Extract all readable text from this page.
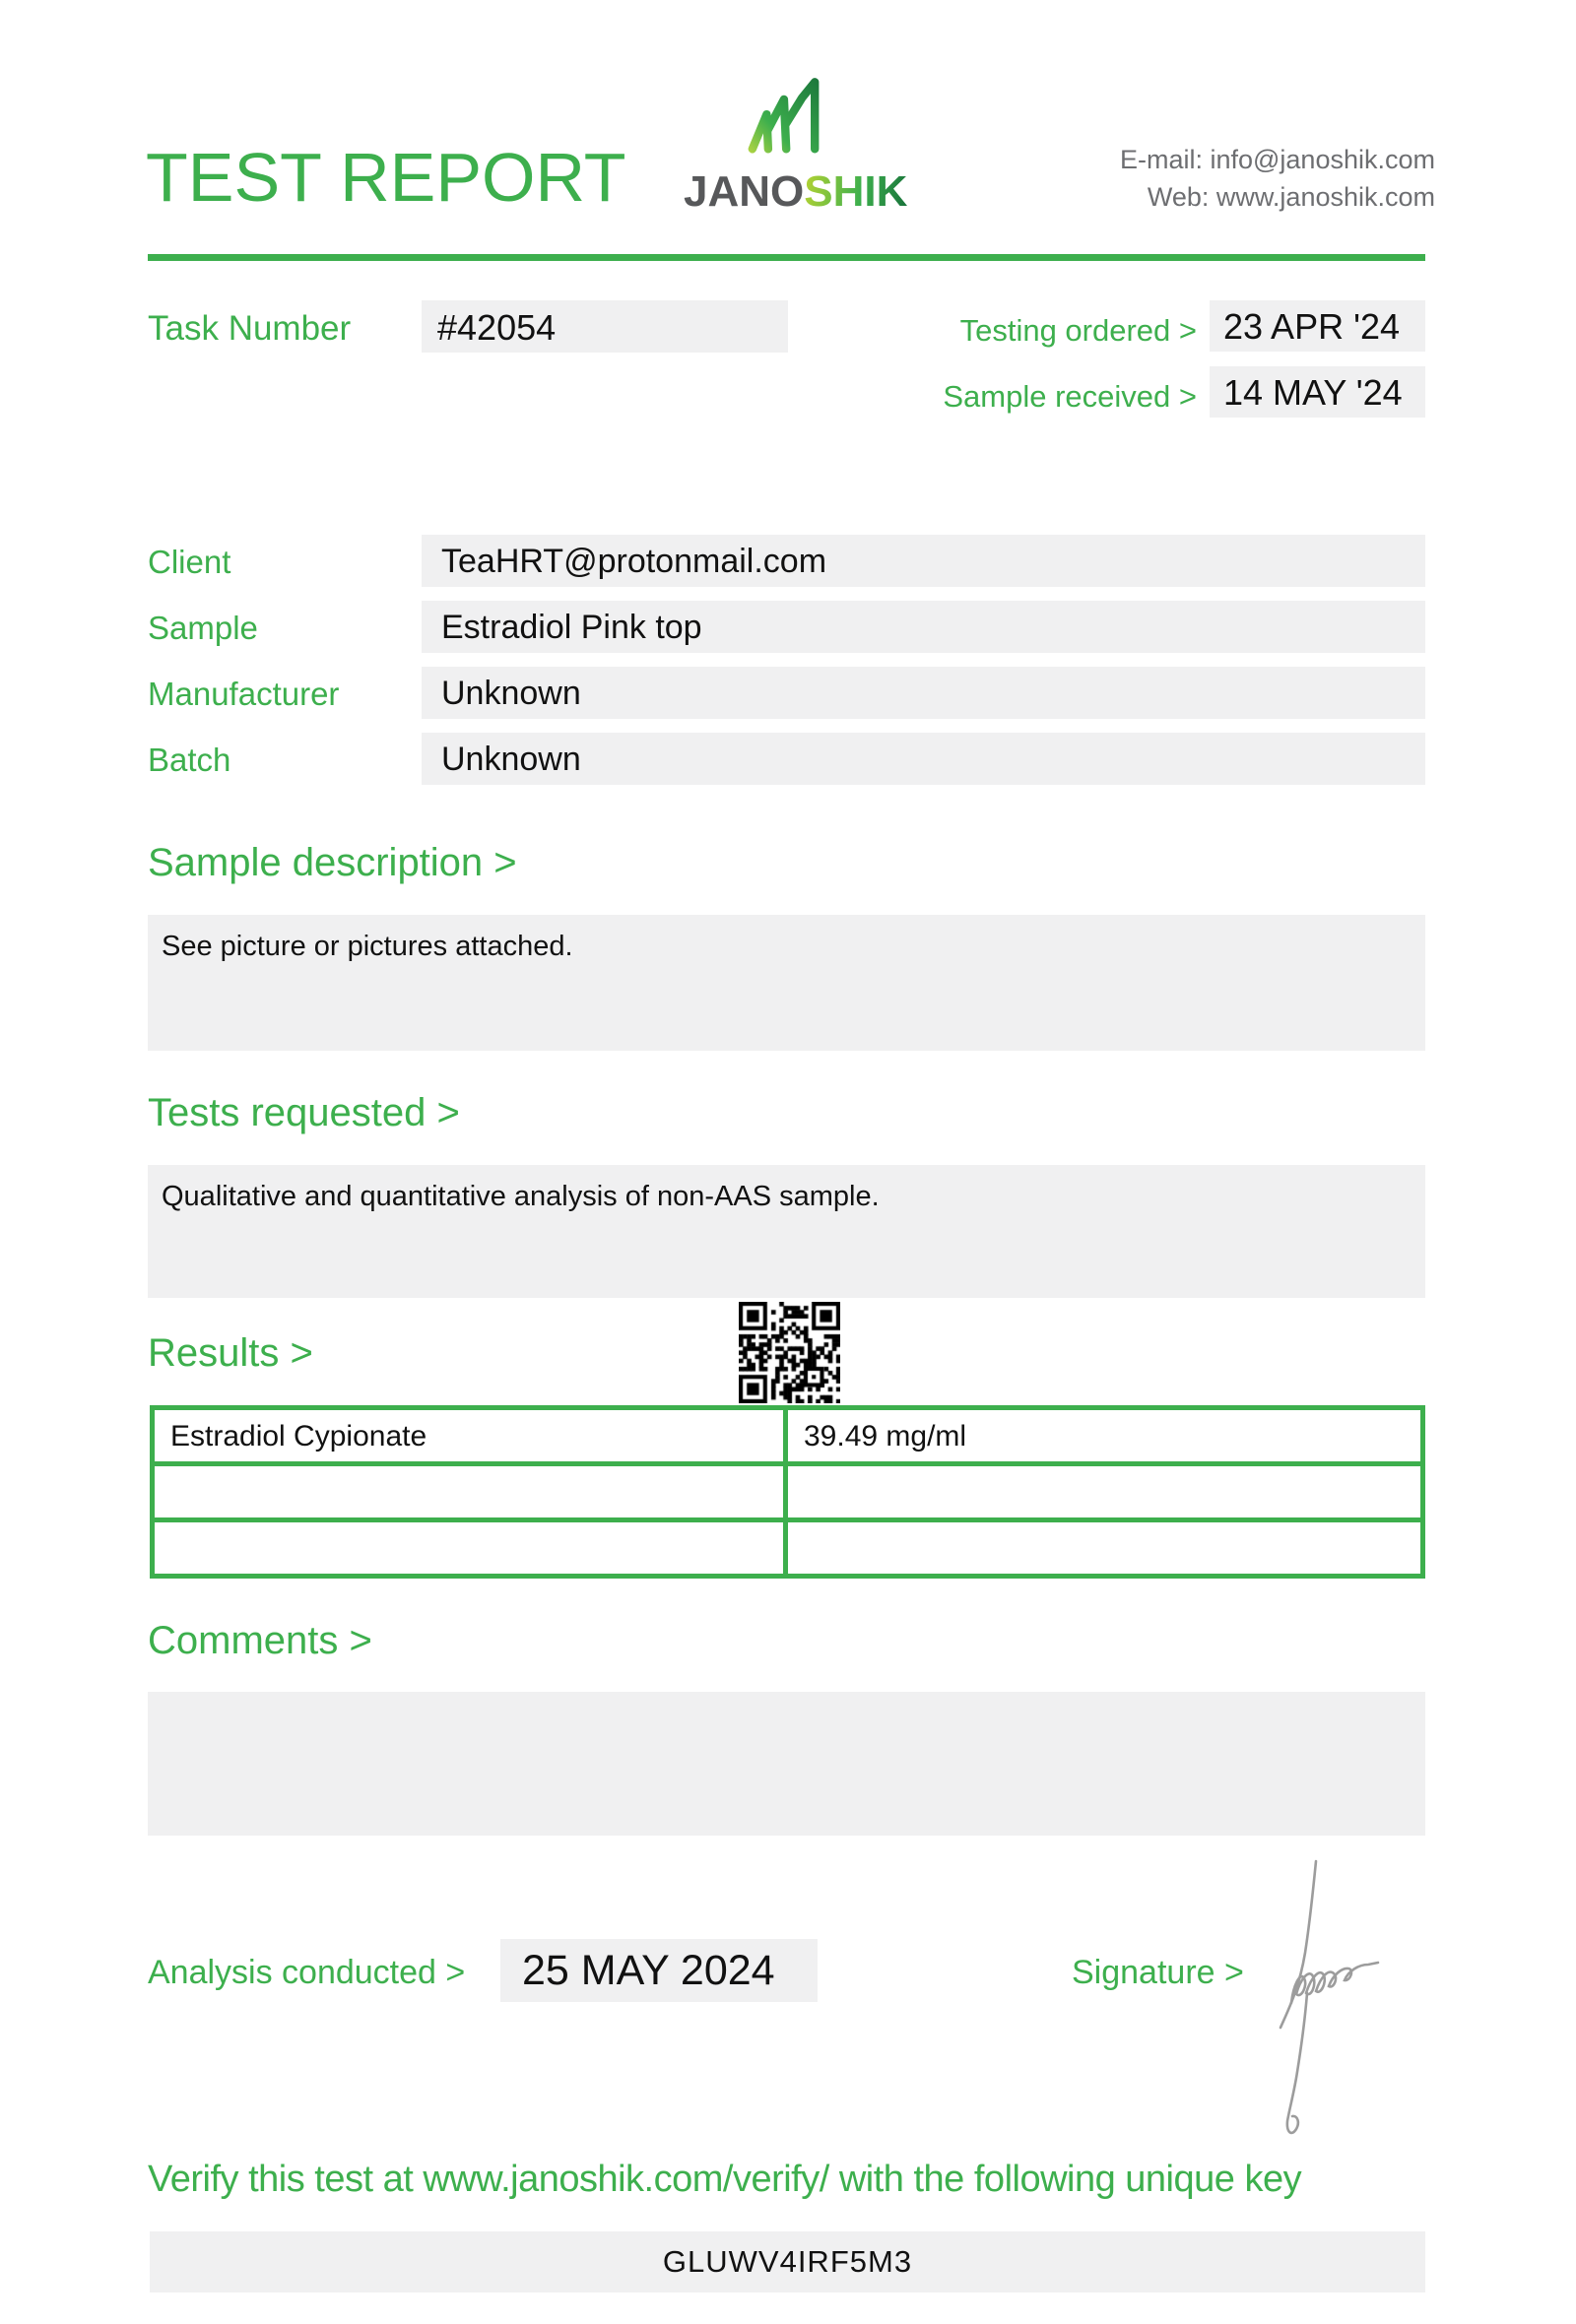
TEST REPORT JANOSHIK
E-mail: info@janoshik.com
Web: www.janoshik.com
Task Number	#42054	Testing ordered > 23 APR '24
Sample received > 14 MAY '24
Client	TeaHRT@protonmail.com
Sample	Estradiol Pink top
Manufacturer	Unknown
Batch	Unknown
Sample description >
See picture or pictures attached.
Tests requested >
Qualitative and quantitative analysis of non-AAS sample.
Results >
Estradiol Cypionate	39.49 mg/ml
Comments >
Analysis conducted >	25 MAY 2024	Signature >
Verify this test at www.janoshik.com/verify/ with the following unique key
GLUWV4IRF5M3
